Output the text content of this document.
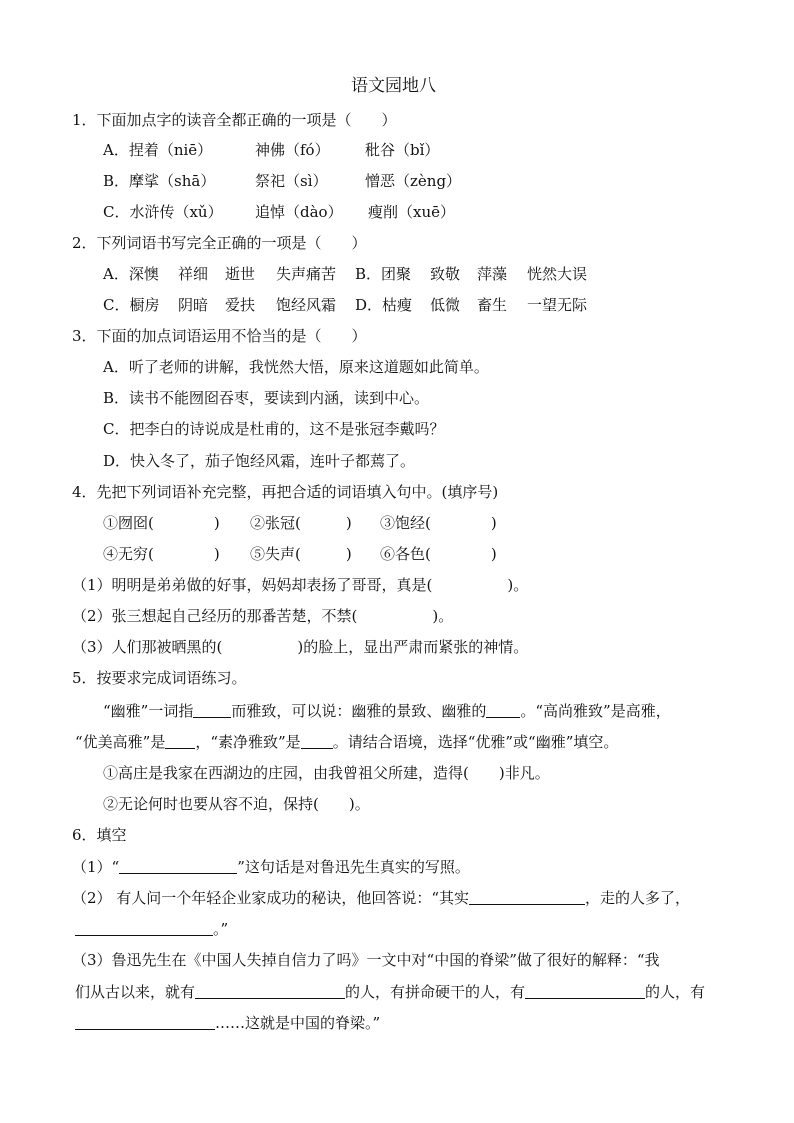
语文园地八
1．下面加点字的读音全都正确的一项是（　　）
A．捏着（niē）	神佛（fó） 秕谷（bǐ）
B．摩挲（shā）	祭祀（sì）	憎恶（zèng）
C．水浒传（xǔ） 追悼（dào） 瘦削（xuē）
2．下列词语书写完全正确的一项是（　　）
A．深懊 祥细 逝世 失声痛苦 B．团聚 致敬 萍藻 恍然大误
C．橱房 阴暗 爱扶 饱经风霜 D．枯瘦 低微 畜生 一望无际
3．下面的加点词语运用不恰当的是（　　）
A．听了老师的讲解，我恍然大悟，原来这道题如此简单。
B．读书不能囫囵吞枣，要读到内涵，读到中心。
C．把李白的诗说成是杜甫的，这不是张冠李戴吗？
D．快入冬了，茄子饱经风霜，连叶子都蔫了。
4．先把下列词语补充完整，再把合适的词语填入句中。(填序号)
①囫囵(　　　　) ②张冠(　　　) ③饱经(　　　　)
④无穷(　　　　) ⑤失声(　　　) ⑥各色(　　　　)
（1）明明是弟弟做的好事，妈妈却表扬了哥哥，真是(　　　　　)。
（2）张三想起自己经历的那番苦楚，不禁(　　　　　)。
（3）人们那被晒黑的(　　　　　)的脸上，显出严肃而紧张的神情。
5．按要求完成词语练习。
“幽雅”一词指	而雅致，可以说：幽雅的景致、幽雅的 。“高尚雅致”是高雅，
“优美高雅”是 ，“素净雅致”是 。请结合语境，选择“优雅”或“幽雅”填空。
①高庄是我家在西湖边的庄园，由我曾祖父所建，造得(　　)非凡。
②无论何时也要从容不迫，保持(　　)。
6．填空
（1）“	”这句话是对鲁迅先生真实的写照。
（2） 有人问一个年轻企业家成功的秘诀，他回答说：“其实	，走的人多了，
。”
（3）鲁迅先生在《中国人失掉自信力了吗》一文中对“中国的脊梁”做了很好的解释：“我
们从古以来，就有	的人，有拼命硬干的人，有	的人，有
……这就是中国的脊梁。”
